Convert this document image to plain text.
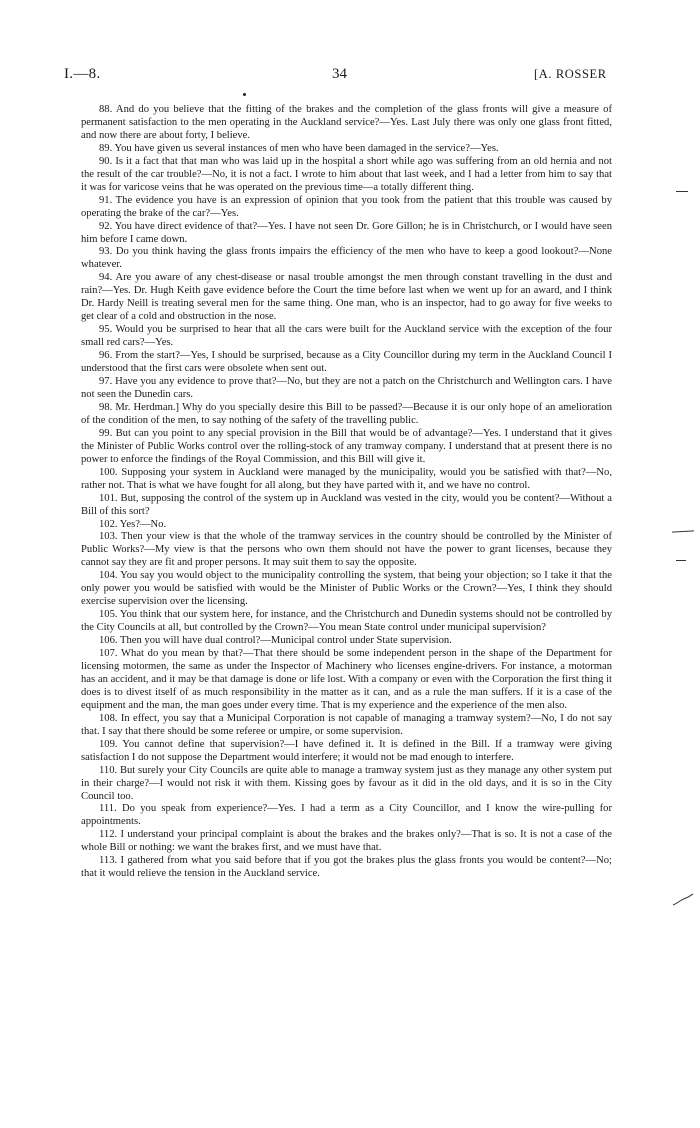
I.—8.	34	[A. ROSSER

88. And do you believe that the fitting of the brakes and the completion of the glass fronts will give a measure of permanent satisfaction to the men operating in the Auckland service?—Yes. Last July there was only one glass front fitted, and now there are about forty, I believe.

89. You have given us several instances of men who have been damaged in the service?—Yes.

90. Is it a fact that that man who was laid up in the hospital a short while ago was suffering from an old hernia and not the result of the car trouble?—No, it is not a fact. I wrote to him about that last week, and I had a letter from him to say that it was for varicose veins that he was operated on the previous time—a totally different thing.

91. The evidence you have is an expression of opinion that you took from the patient that this trouble was caused by operating the brake of the car?—Yes.

92. You have direct evidence of that?—Yes. I have not seen Dr. Gore Gillon; he is in Christchurch, or I would have seen him before I came down.

93. Do you think having the glass fronts impairs the efficiency of the men who have to keep a good lookout?—None whatever.

94. Are you aware of any chest-disease or nasal trouble amongst the men through constant travelling in the dust and rain?—Yes. Dr. Hugh Keith gave evidence before the Court the time before last when we went up for an award, and I think Dr. Hardy Neill is treating several men for the same thing. One man, who is an inspector, had to go away for five weeks to get clear of a cold and obstruction in the nose.

95. Would you be surprised to hear that all the cars were built for the Auckland service with the exception of the four small red cars?—Yes.

96. From the start?—Yes, I should be surprised, because as a City Councillor during my term in the Auckland Council I understood that the first cars were obsolete when sent out.

97. Have you any evidence to prove that?—No, but they are not a patch on the Christchurch and Wellington cars. I have not seen the Dunedin cars.

98. Mr. Herdman.] Why do you specially desire this Bill to be passed?—Because it is our only hope of an amelioration of the condition of the men, to say nothing of the safety of the travelling public.

99. But can you point to any special provision in the Bill that would be of advantage?—Yes. I understand that it gives the Minister of Public Works control over the rolling-stock of any tramway company. I understand that at present there is no power to enforce the findings of the Royal Commission, and this Bill will give it.

100. Supposing your system in Auckland were managed by the municipality, would you be satisfied with that?—No, rather not. That is what we have fought for all along, but they have parted with it, and we have no control.

101. But, supposing the control of the system up in Auckland was vested in the city, would you be content?—Without a Bill of this sort?

102. Yes?—No.

103. Then your view is that the whole of the tramway services in the country should be controlled by the Minister of Public Works?—My view is that the persons who own them should not have the power to grant licenses, because they cannot say they are fit and proper persons. It may suit them to say the opposite.

104. You say you would object to the municipality controlling the system, that being your objection; so I take it that the only power you would be satisfied with would be the Minister of Public Works or the Crown?—Yes, I think they should exercise supervision over the licensing.

105. You think that our system here, for instance, and the Christchurch and Dunedin systems should not be controlled by the City Councils at all, but controlled by the Crown?—You mean State control under municipal supervision?

106. Then you will have dual control?—Municipal control under State supervision.

107. What do you mean by that?—That there should be some independent person in the shape of the Department for licensing motormen, the same as under the Inspector of Machinery who licenses engine-drivers. For instance, a motorman has an accident, and it may be that damage is done or life lost. With a company or even with the Corporation the first thing it does is to divest itself of as much responsibility in the matter as it can, and as a rule the man suffers. If it is a case of the equipment and the man, the man goes under every time. That is my experience and the experience of the men also.

108. In effect, you say that a Municipal Corporation is not capable of managing a tramway system?—No, I do not say that. I say that there should be some referee or umpire, or some supervision.

109. You cannot define that supervision?—I have defined it. It is defined in the Bill. If a tramway were giving satisfaction I do not suppose the Department would interfere; it would not be mad enough to interfere.

110. But surely your City Councils are quite able to manage a tramway system just as they manage any other system put in their charge?—I would not risk it with them. Kissing goes by favour as it did in the old days, and it is so in the City Council too.

111. Do you speak from experience?—Yes. I had a term as a City Councillor, and I know the wire-pulling for appointments.

112. I understand your principal complaint is about the brakes and the brakes only?—That is so. It is not a case of the whole Bill or nothing: we want the brakes first, and we must have that.

113. I gathered from what you said before that if you got the brakes plus the glass fronts you would be content?—No; that it would relieve the tension in the Auckland service.
